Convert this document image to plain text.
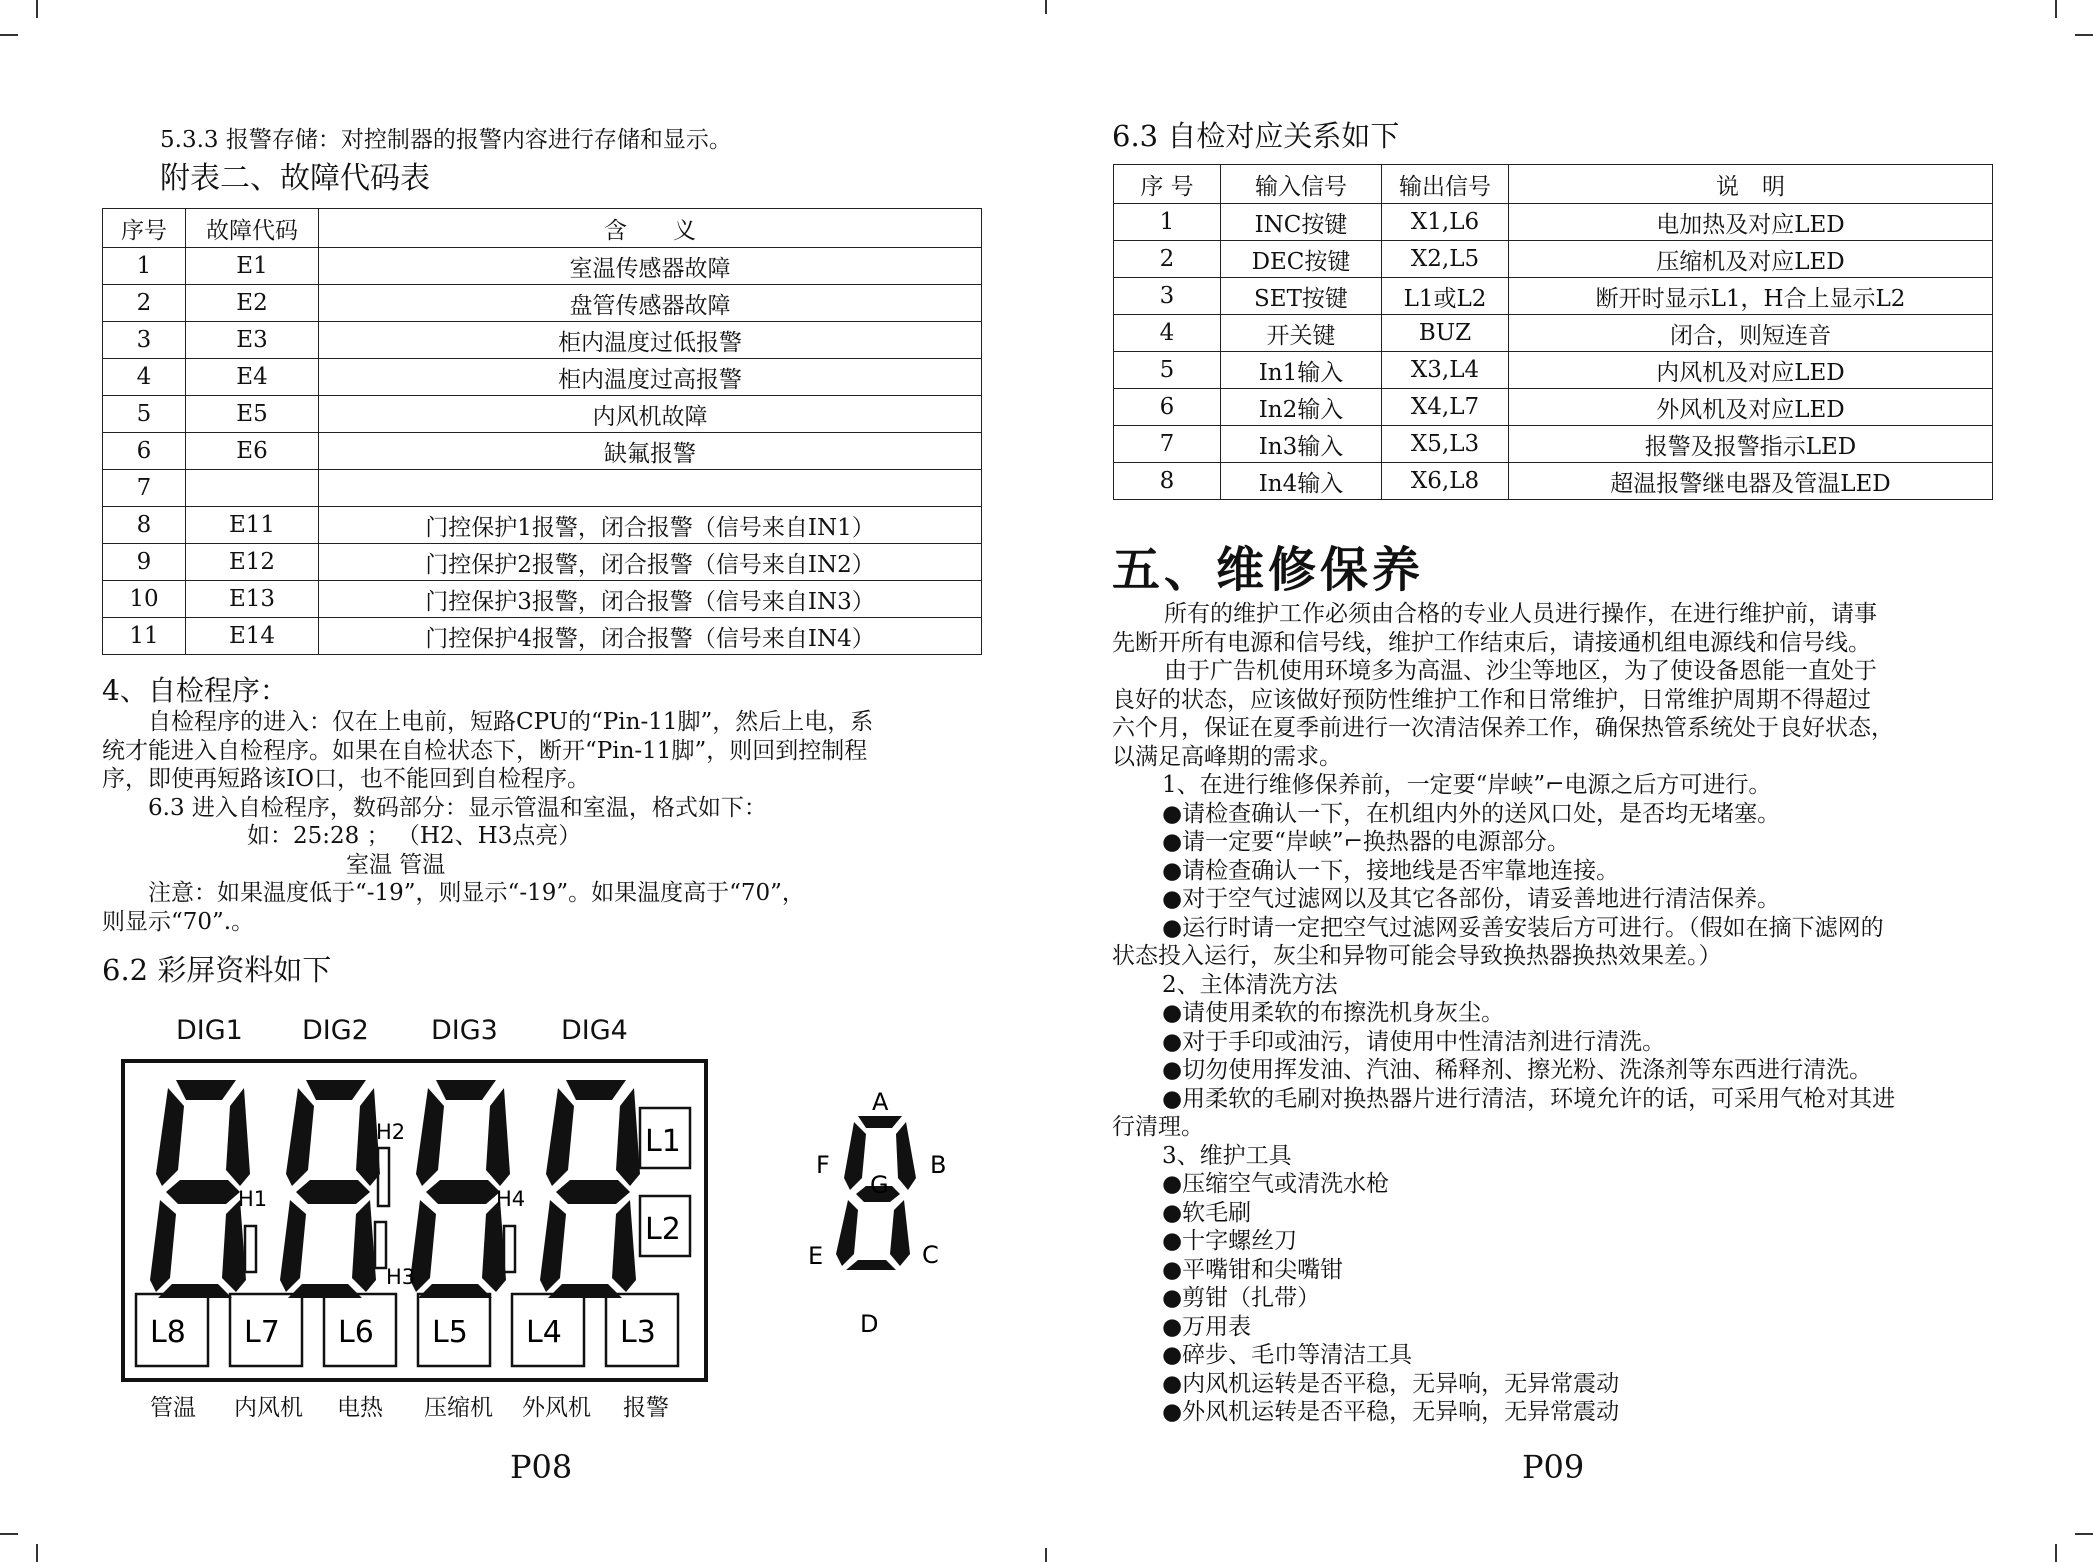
5.3.3 报警存储：对控制器的报警内容进行存储和显示。
附表二、故障代码表
序号	故障代码	含　　义
1	E1	室温传感器故障
2	E2	盘管传感器故障
3	E3	柜内温度过低报警
4	E4	柜内温度过高报警
5	E5	内风机故障
6	E6	缺氟报警
7		
8	E11	门控保护1报警，闭合报警（信号来自IN1）
9	E12	门控保护2报警，闭合报警（信号来自IN2）
10	E13	门控保护3报警，闭合报警（信号来自IN3）
11	E14	门控保护4报警，闭合报警（信号来自IN4）
4、自检程序：
自检程序的进入：仅在上电前，短路CPU的“Pin-11脚”，然后上电，系
统才能进入自检程序。如果在自检状态下，断开“Pin-11脚”，则回到控制程
序，即使再短路该IO口，也不能回到自检程序。
6.3 进入自检程序，数码部分：显示管温和室温，格式如下：
如：25:28 ； （H2、H3点亮）
室温 管温
注意：如果温度低于“-19”，则显示“-19”。如果温度高于“70”，
则显示“70”.。
6.2 彩屏资料如下
DIG1 DIG2 DIG3 DIG4
H1
H2
H3
H4
L1
L2
L8 L7 L6 L5 L4 L3
管温 内风机 电热 压缩机 外风机 报警
A
B
C
D
E
F
G
P08
6.3 自检对应关系如下
序 号	输入信号	输出信号	说　明
1	INC按键	X1,L6	电加热及对应LED
2	DEC按键	X2,L5	压缩机及对应LED
3	SET按键	L1或L2	断开时显示L1，H合上显示L2
4	开关键	BUZ	闭合，则短连音
5	In1输入	X3,L4	内风机及对应LED
6	In2输入	X4,L7	外风机及对应LED
7	In3输入	X5,L3	报警及报警指示LED
8	In4输入	X6,L8	超温报警继电器及管温LED
五、维修保养
所有的维护工作必须由合格的专业人员进行操作，在进行维护前，请事
先断开所有电源和信号线，维护工作结束后，请接通机组电源线和信号线。
由于广告机使用环境多为高温、沙尘等地区，为了使设备恩能一直处于
良好的状态，应该做好预防性维护工作和日常维护，日常维护周期不得超过
六个月，保证在夏季前进行一次清洁保养工作，确保热管系统处于良好状态，
以满足高峰期的需求。
1、在进行维修保养前，一定要“岸峡”⌐电源之后方可进行。
●请检查确认一下，在机组内外的送风口处，是否均无堵塞。
●请一定要“岸峡”⌐换热器的电源部分。
●请检查确认一下，接地线是否牢靠地连接。
●对于空气过滤网以及其它各部份，请妥善地进行清洁保养。
●运行时请一定把空气过滤网妥善安装后方可进行。（假如在摘下滤网的
状态投入运行，灰尘和异物可能会导致换热器换热效果差。）
2、主体清洗方法
●请使用柔软的布擦洗机身灰尘。
●对于手印或油污，请使用中性清洁剂进行清洗。
●切勿使用挥发油、汽油、稀释剂、擦光粉、洗涤剂等东西进行清洗。
●用柔软的毛刷对换热器片进行清洁，环境允许的话，可采用气枪对其进
行清理。
3、维护工具
●压缩空气或清洗水枪
●软毛刷
●十字螺丝刀
●平嘴钳和尖嘴钳
●剪钳（扎带）
●万用表
●碎步、毛巾等清洁工具
●内风机运转是否平稳，无异响，无异常震动
●外风机运转是否平稳，无异响，无异常震动
P09
